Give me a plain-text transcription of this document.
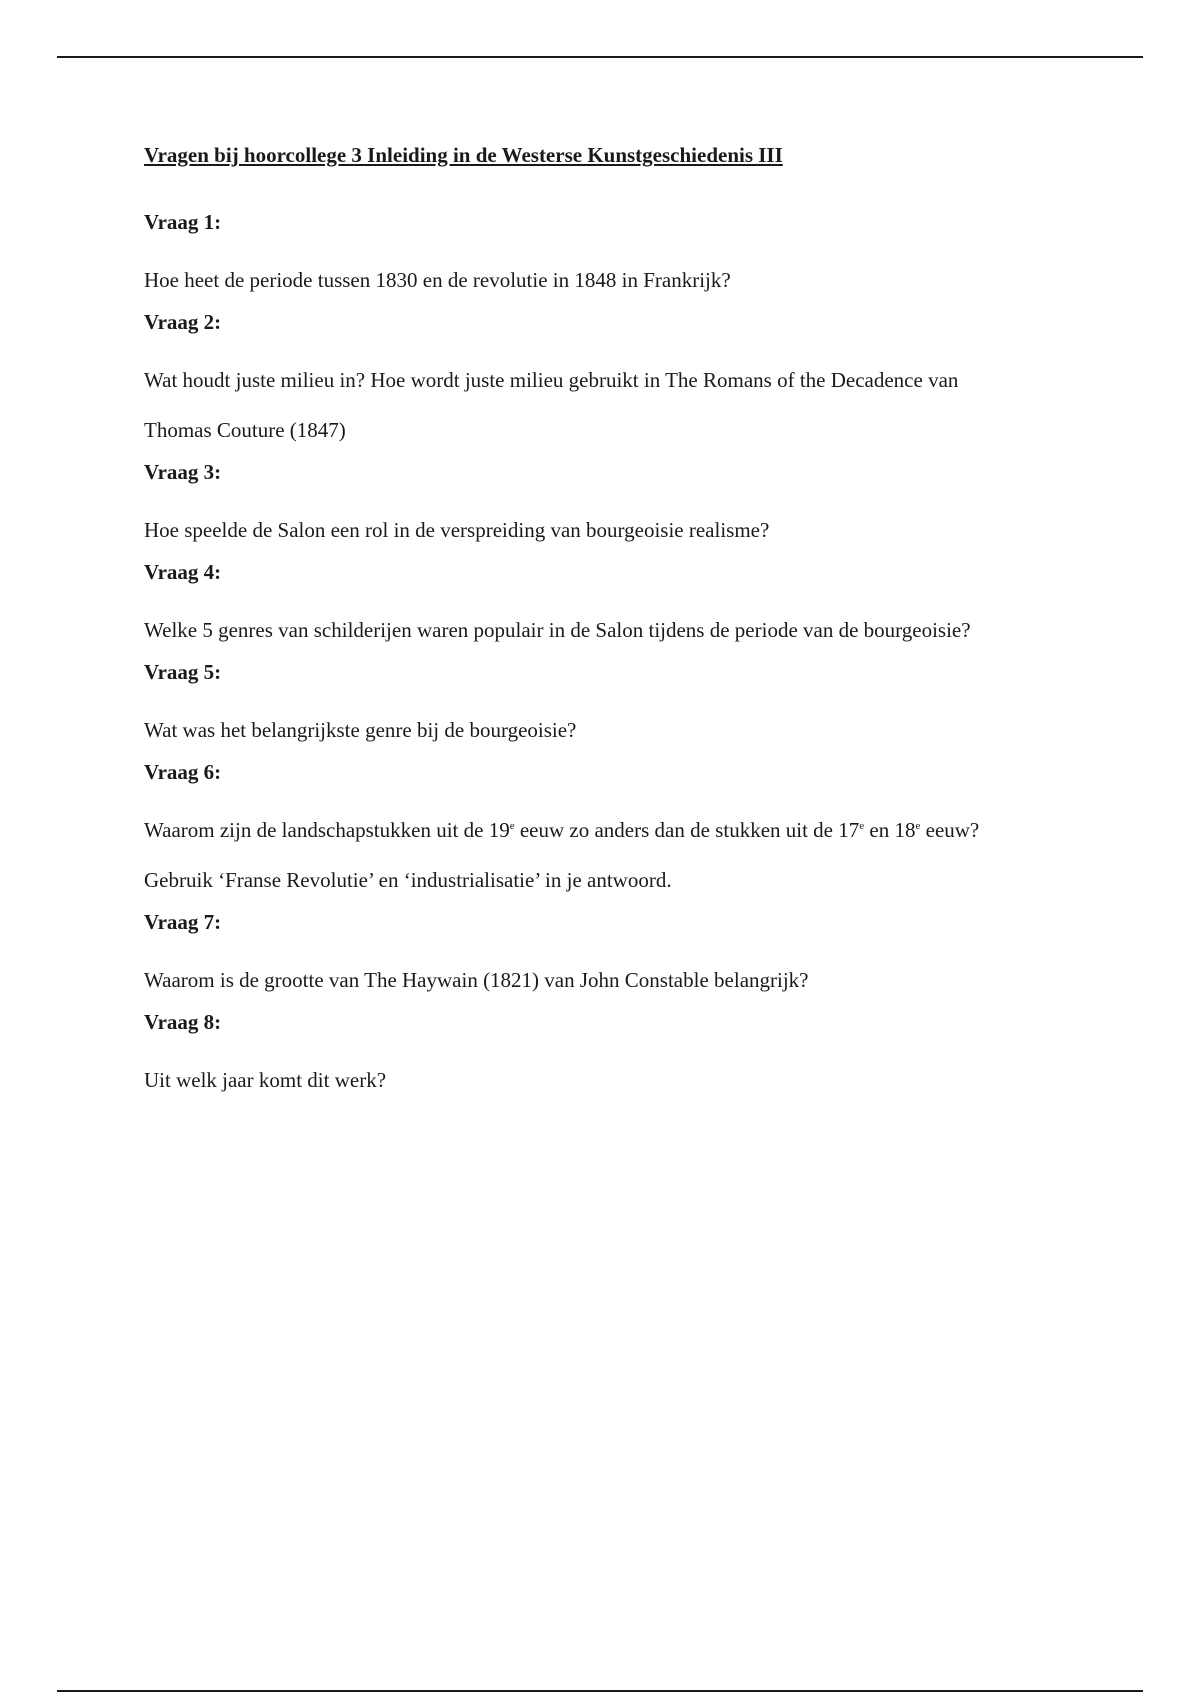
Vragen bij hoorcollege 3 Inleiding in de Westerse Kunstgeschiedenis III

Vraag 1:

Hoe heet de periode tussen 1830 en de revolutie in 1848 in Frankrijk?

Vraag 2:

Wat houdt juste milieu in? Hoe wordt juste milieu gebruikt in The Romans of the Decadence van

Thomas Couture (1847)

Vraag 3:

Hoe speelde de Salon een rol in de verspreiding van bourgeoisie realisme?

Vraag 4:

Welke 5 genres van schilderijen waren populair in de Salon tijdens de periode van de bourgeoisie?

Vraag 5:

Wat was het belangrijkste genre bij de bourgeoisie?

Vraag 6:

Waarom zijn de landschapstukken uit de 19e eeuw zo anders dan de stukken uit de 17e en 18e eeuw?

Gebruik ‘Franse Revolutie’ en ‘industrialisatie’ in je antwoord.

Vraag 7:

Waarom is de grootte van The Haywain (1821) van John Constable belangrijk?

Vraag 8:

Uit welk jaar komt dit werk?
